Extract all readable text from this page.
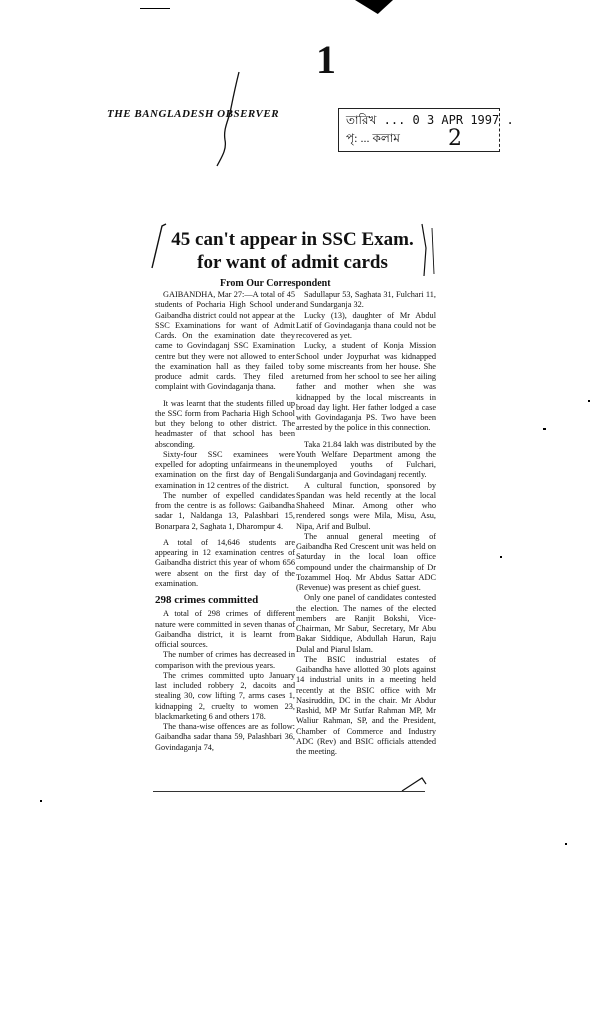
1
THE BANGLADESH OBSERVER	তারিখ ... 0 3 APR 1997 .
পৃ: ... কলাম 2
45 can't appear in SSC Exam.
for want of admit cards
From Our Correspondent

GAIBANDHA, Mar 27:—A total of 45 students of Pocharia High School under Gaibandha district could not appear at the SSC Examinations for want of Admit Cards. On the examination date they came to Govindaganj SSC Examination centre but they were not allowed to enter the examination hall as they failed to produce admit cards. They filed a complaint with Govindaganja thana.

It was learnt that the students filled up the SSC form from Pacharia High School but they belong to other district. The headmaster of that school has been absconding.

Sixty-four SSC examinees were expelled for adopting unfairmeans in the examination on the first day of Bengali examination in 12 centres of the district.

The number of expelled candidates from the centre is as follows: Gaibandha sadar 1, Naldanga 13, Palashbari 15, Bonarpara 2, Saghata 1, Dharompur 4.

A total of 14,646 students are appearing in 12 examination centres of Gaibandha district this year of whom 656 were absent on the first day of the examination.

298 crimes committed

A total of 298 crimes of different nature were committed in seven thanas of Gaibandha district, it is learnt from official sources.

The number of crimes has decreased in comparison with the previous years.

The crimes committed upto January last included robbery 2, dacoits and stealing 30, cow lifting 7, arms cases 1, kidnapping 2, cruelty to women 23, blackmarketing 6 and others 178.

The thana-wise offences are as follow: Gaibandha sadar thana 59, Palashbari 36, Govindaganja 74,

Sadullapur 53, Saghata 31, Fulchari 11, and Sundarganja 32.

Lucky (13), daughter of Mr Abdul Latif of Govindaganja thana could not be recovered as yet.

Lucky, a student of Konja Mission School under Joypurhat was kidnapped by some miscreants from her house. She returned from her school to see her ailing father and mother when she was kidnapped by the local miscreants in broad day light. Her father lodged a case with Govindaganja PS. Two have been arrested by the police in this connection.

Taka 21.84 lakh was distributed by the Youth Welfare Department among the unemployed youths of Fulchari, Sundarganja and Govindaganj recently.

A cultural function, sponsored by Spandan was held recently at the local Shaheed Minar. Among other who rendered songs were Mila, Misu, Asu, Nipa, Arif and Bulbul.

The annual general meeting of Gaibandha Red Crescent unit was held on Saturday in the local loan office compound under the chairmanship of Dr Tozammel Hoq. Mr Abdus Sattar ADC (Revenue) was present as chief guest.

Only one panel of candidates contested the election. The names of the elected members are Ranjit Bokshi, Vice-Chairman, Mr Sabur, Secretary, Mr Abu Bakar Siddique, Abdullah Harun, Raju Dulal and Piarul Islam.

The BSIC industrial estates of Gaibandha have allotted 30 plots against 14 industrial units in a meeting held recently at the BSIC office with Mr Nasiruddin, DC in the chair. Mr Abdur Rashid, MP Mr Sutfar Rahman MP, Mr Waliur Rahman, SP, and the President, Chamber of Commerce and Industry ADC (Rev) and BSIC officials attended the meeting.
